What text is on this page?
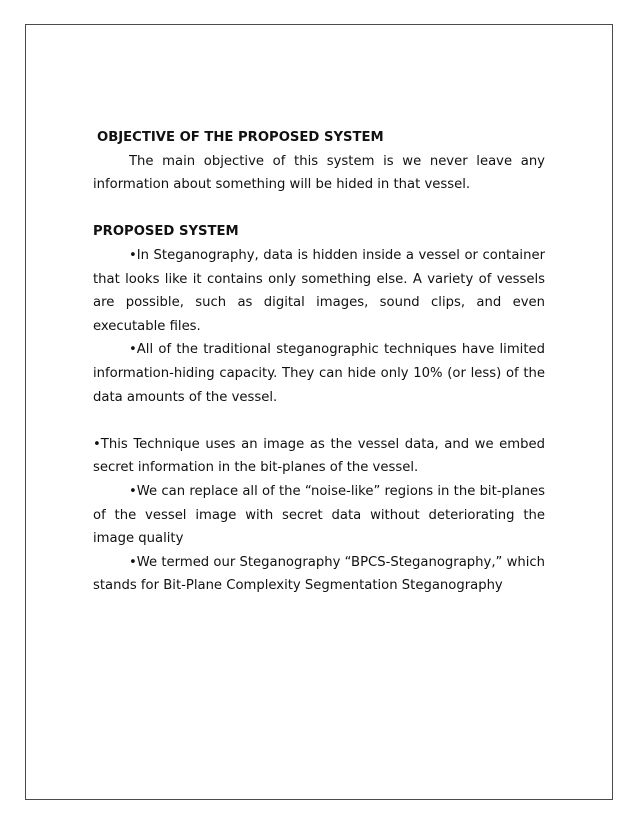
OBJECTIVE OF THE PROPOSED SYSTEM

The main objective of this system is we never leave any information about something will be hided in that vessel.

PROPOSED SYSTEM

•In Steganography, data is hidden inside a vessel or container that looks like it contains only something else. A variety of vessels are possible, such as digital images, sound clips, and even executable files.

•All of the traditional steganographic techniques have limited information-hiding capacity. They can hide only 10% (or less) of the data amounts of the vessel.

•This Technique uses an image as the vessel data, and we embed secret information in the bit-planes of the vessel.

•We can replace all of the “noise-like” regions in the bit-planes of the vessel image with secret data without deteriorating the image quality

•We termed our Steganography “BPCS-Steganography,” which stands for Bit-Plane Complexity Segmentation Steganography
